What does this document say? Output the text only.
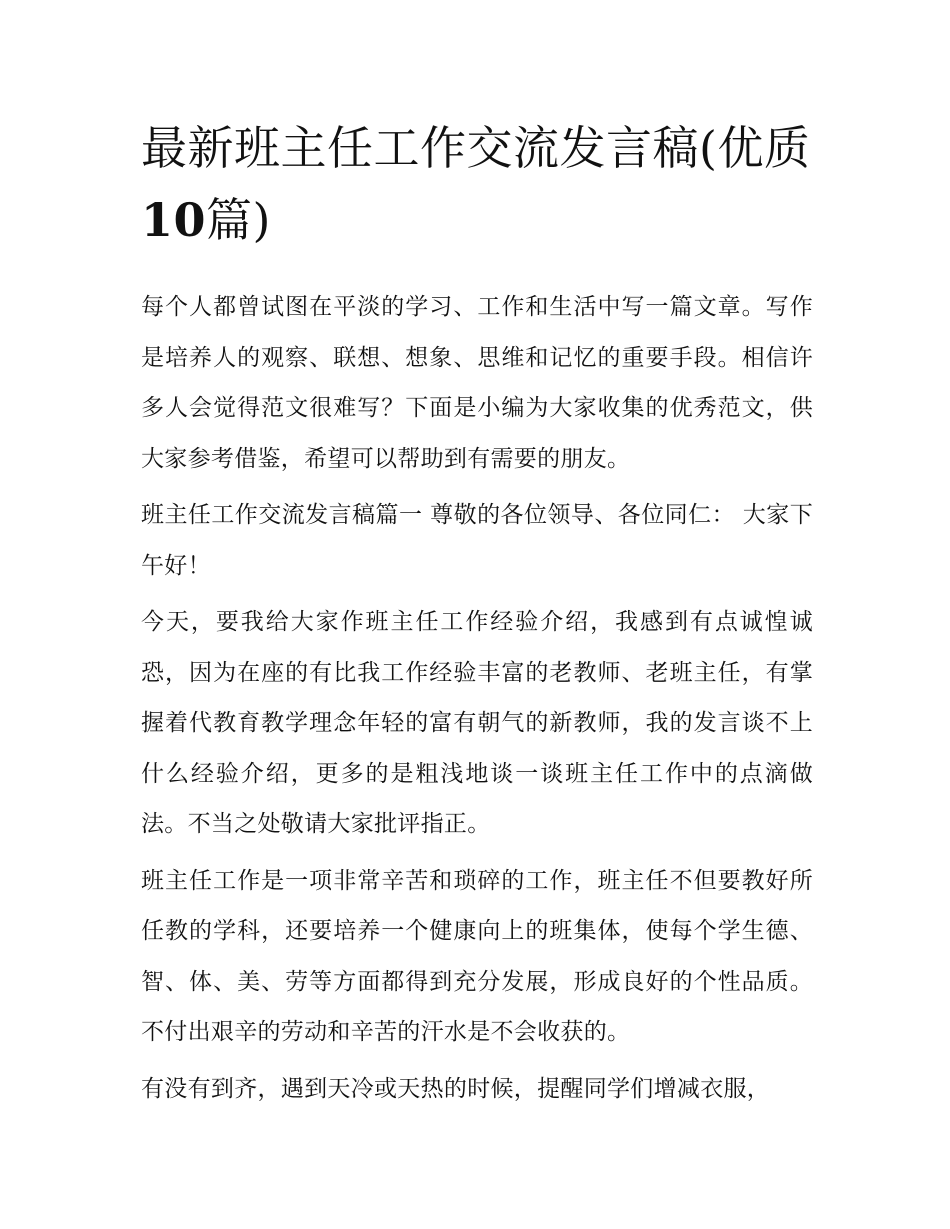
最新班主任工作交流发言稿(优质10篇)

每个人都曾试图在平淡的学习、工作和生活中写一篇文章。写作是培养人的观察、联想、想象、思维和记忆的重要手段。相信许多人会觉得范文很难写？下面是小编为大家收集的优秀范文，供大家参考借鉴，希望可以帮助到有需要的朋友。

班主任工作交流发言稿篇一 尊敬的各位领导、各位同仁： 大家下午好！

今天，要我给大家作班主任工作经验介绍，我感到有点诚惶诚恐，因为在座的有比我工作经验丰富的老教师、老班主任，有掌握着代教育教学理念年轻的富有朝气的新教师，我的发言谈不上什么经验介绍，更多的是粗浅地谈一谈班主任工作中的点滴做法。不当之处敬请大家批评指正。

班主任工作是一项非常辛苦和琐碎的工作，班主任不但要教好所任教的学科，还要培养一个健康向上的班集体，使每个学生德、智、体、美、劳等方面都得到充分发展，形成良好的个性品质。不付出艰辛的劳动和辛苦的汗水是不会收获的。

有没有到齐，遇到天冷或天热的时候，提醒同学们增减衣服，
